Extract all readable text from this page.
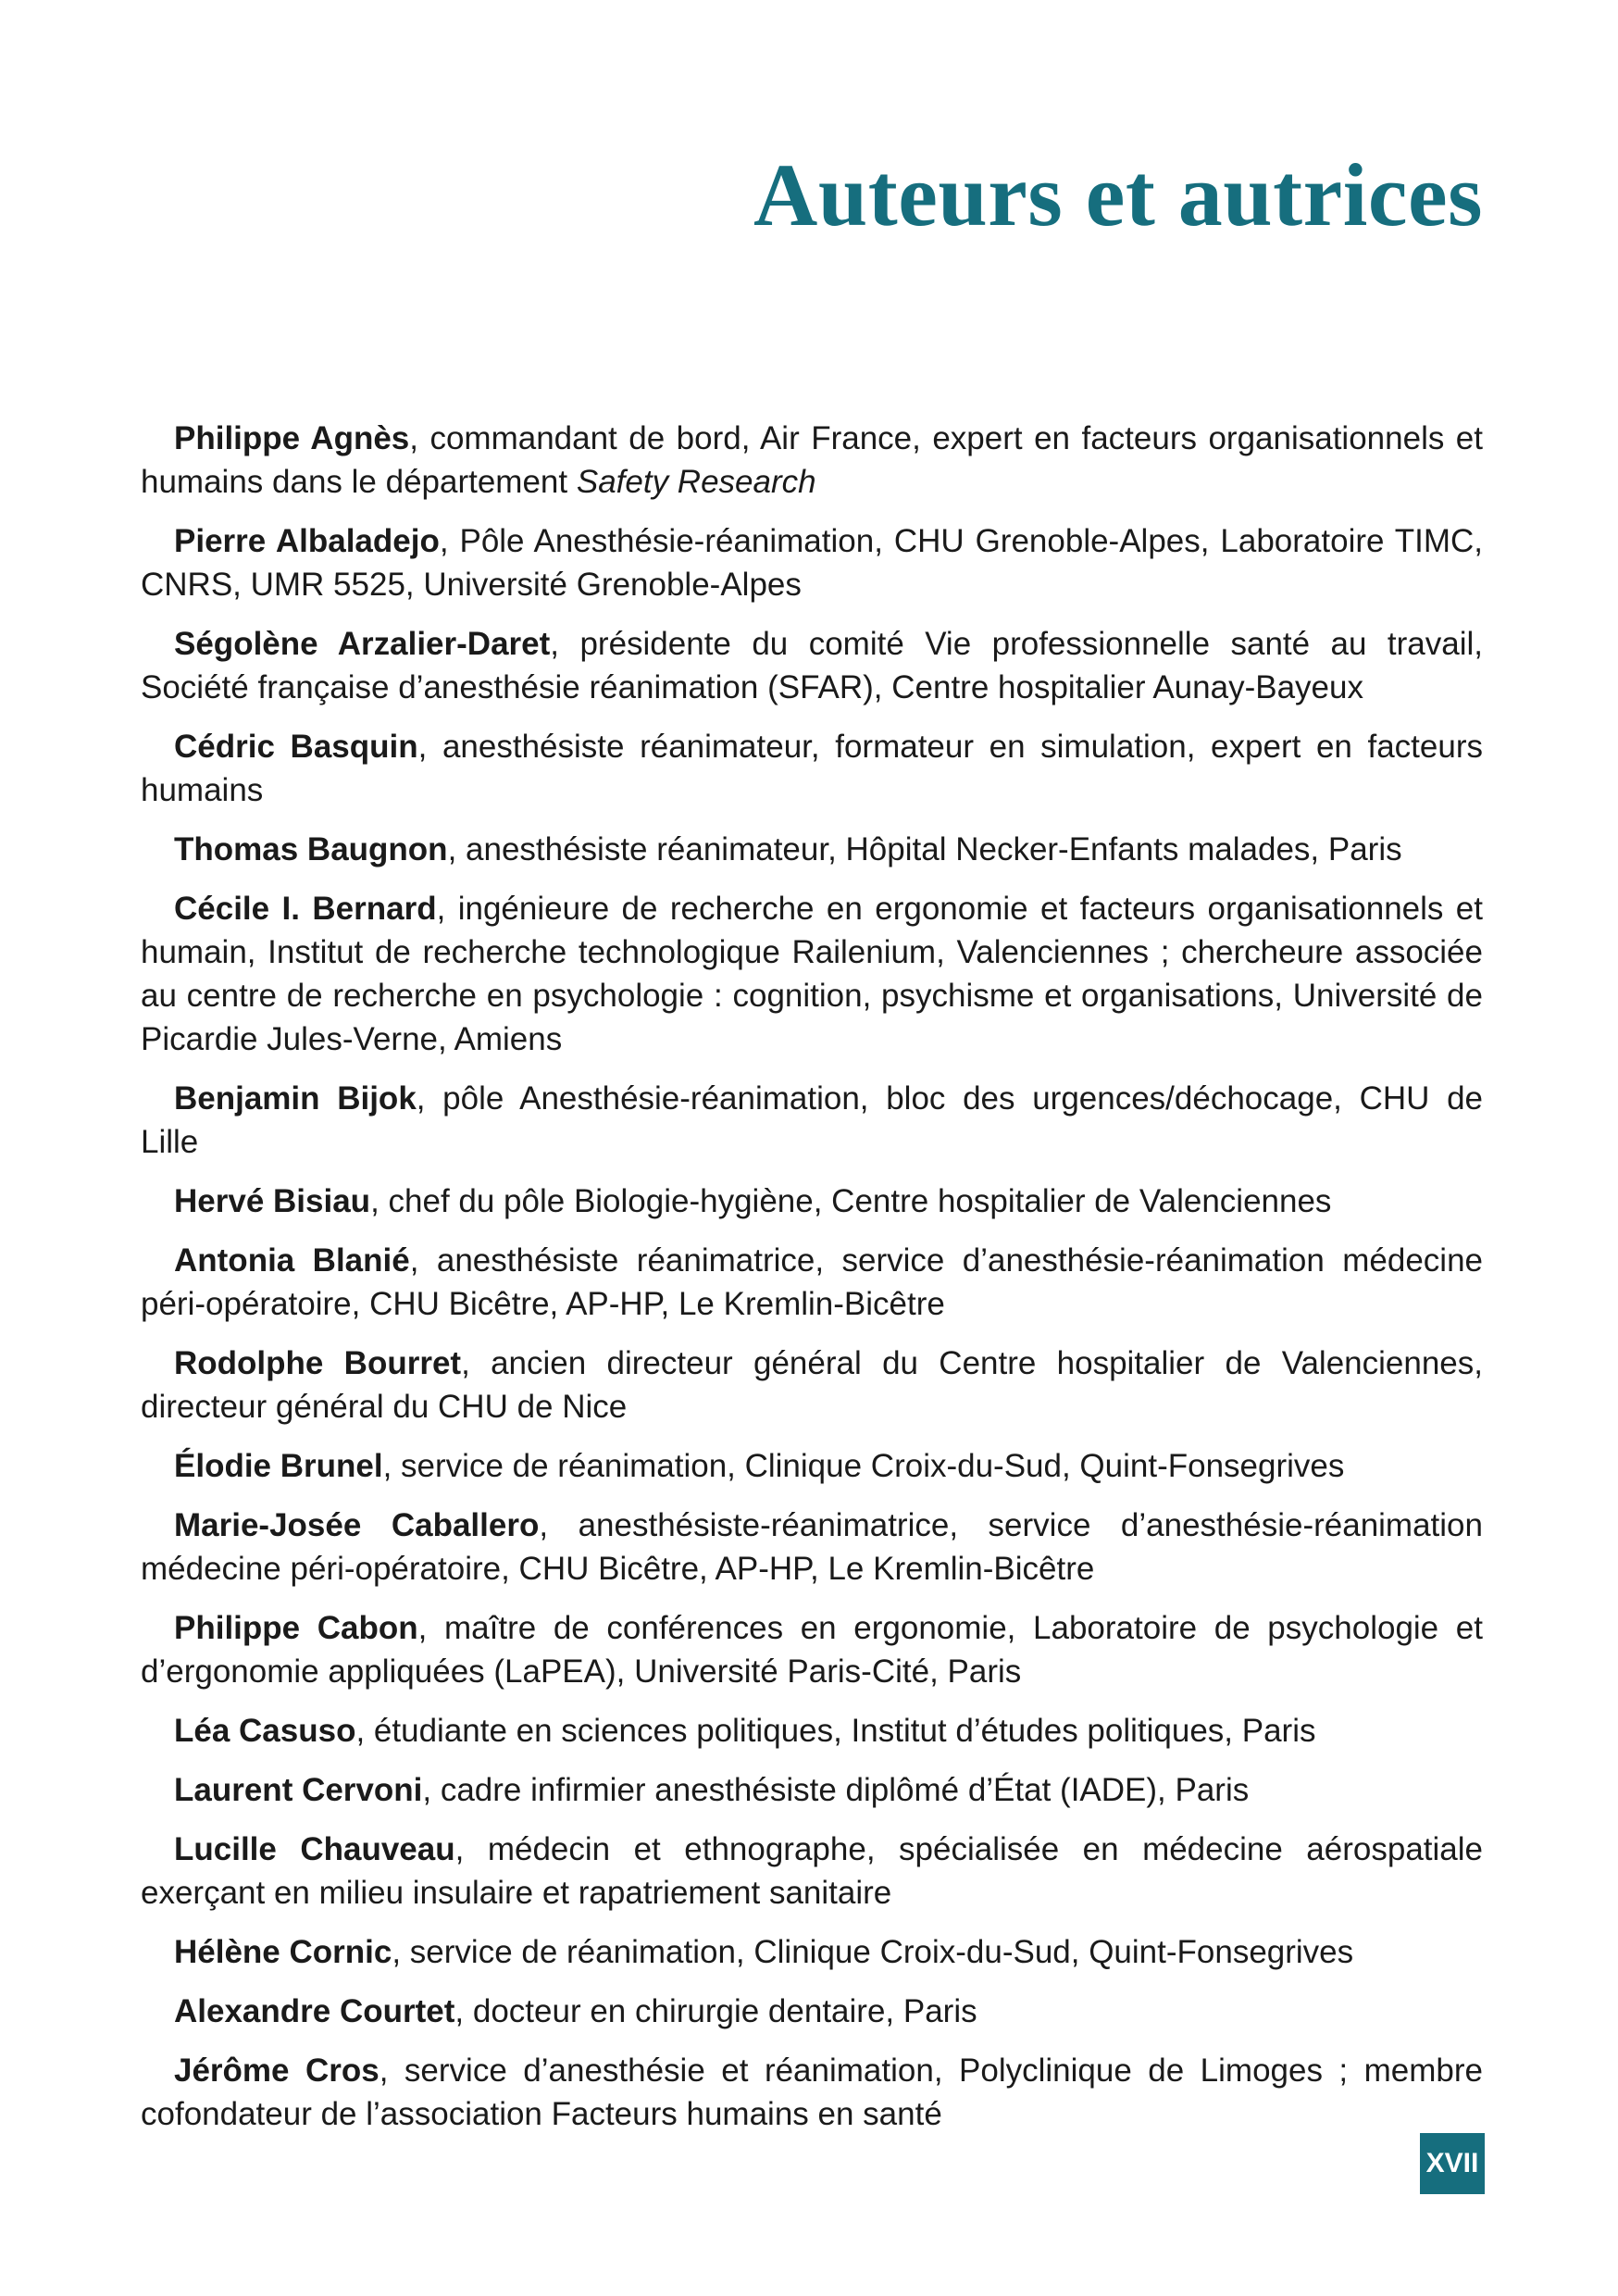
Auteurs et autrices

Philippe Agnès, commandant de bord, Air France, expert en facteurs organisationnels et humains dans le département Safety Research

Pierre Albaladejo, Pôle Anesthésie-réanimation, CHU Grenoble-Alpes, Laboratoire TIMC, CNRS, UMR 5525, Université Grenoble-Alpes

Ségolène Arzalier-Daret, présidente du comité Vie professionnelle santé au travail, Société française d’anesthésie réanimation (SFAR), Centre hospitalier Aunay-Bayeux

Cédric Basquin, anesthésiste réanimateur, formateur en simulation, expert en facteurs humains

Thomas Baugnon, anesthésiste réanimateur, Hôpital Necker-Enfants malades, Paris

Cécile I. Bernard, ingénieure de recherche en ergonomie et facteurs organisationnels et humain, Institut de recherche technologique Railenium, Valenciennes ; chercheure associée au centre de recherche en psychologie : cognition, psychisme et organisations, Université de Picardie Jules-Verne, Amiens

Benjamin Bijok, pôle Anesthésie-réanimation, bloc des urgences/déchocage, CHU de Lille

Hervé Bisiau, chef du pôle Biologie-hygiène, Centre hospitalier de Valenciennes

Antonia Blanié, anesthésiste réanimatrice, service d’anesthésie-réanimation médecine péri-opératoire, CHU Bicêtre, AP-HP, Le Kremlin-Bicêtre

Rodolphe Bourret, ancien directeur général du Centre hospitalier de Valenciennes, directeur général du CHU de Nice

Élodie Brunel, service de réanimation, Clinique Croix-du-Sud, Quint-Fonsegrives

Marie-Josée Caballero, anesthésiste-réanimatrice, service d’anesthésie-réanimation médecine péri-opératoire, CHU Bicêtre, AP-HP, Le Kremlin-Bicêtre

Philippe Cabon, maître de conférences en ergonomie, Laboratoire de psychologie et d’ergonomie appliquées (LaPEA), Université Paris-Cité, Paris

Léa Casuso, étudiante en sciences politiques, Institut d’études politiques, Paris

Laurent Cervoni, cadre infirmier anesthésiste diplômé d’État (IADE), Paris

Lucille Chauveau, médecin et ethnographe, spécialisée en médecine aérospatiale exerçant en milieu insulaire et rapatriement sanitaire

Hélène Cornic, service de réanimation, Clinique Croix-du-Sud, Quint-Fonsegrives

Alexandre Courtet, docteur en chirurgie dentaire, Paris

Jérôme Cros, service d’anesthésie et réanimation, Polyclinique de Limoges ; membre cofondateur de l’association Facteurs humains en santé

XVII
